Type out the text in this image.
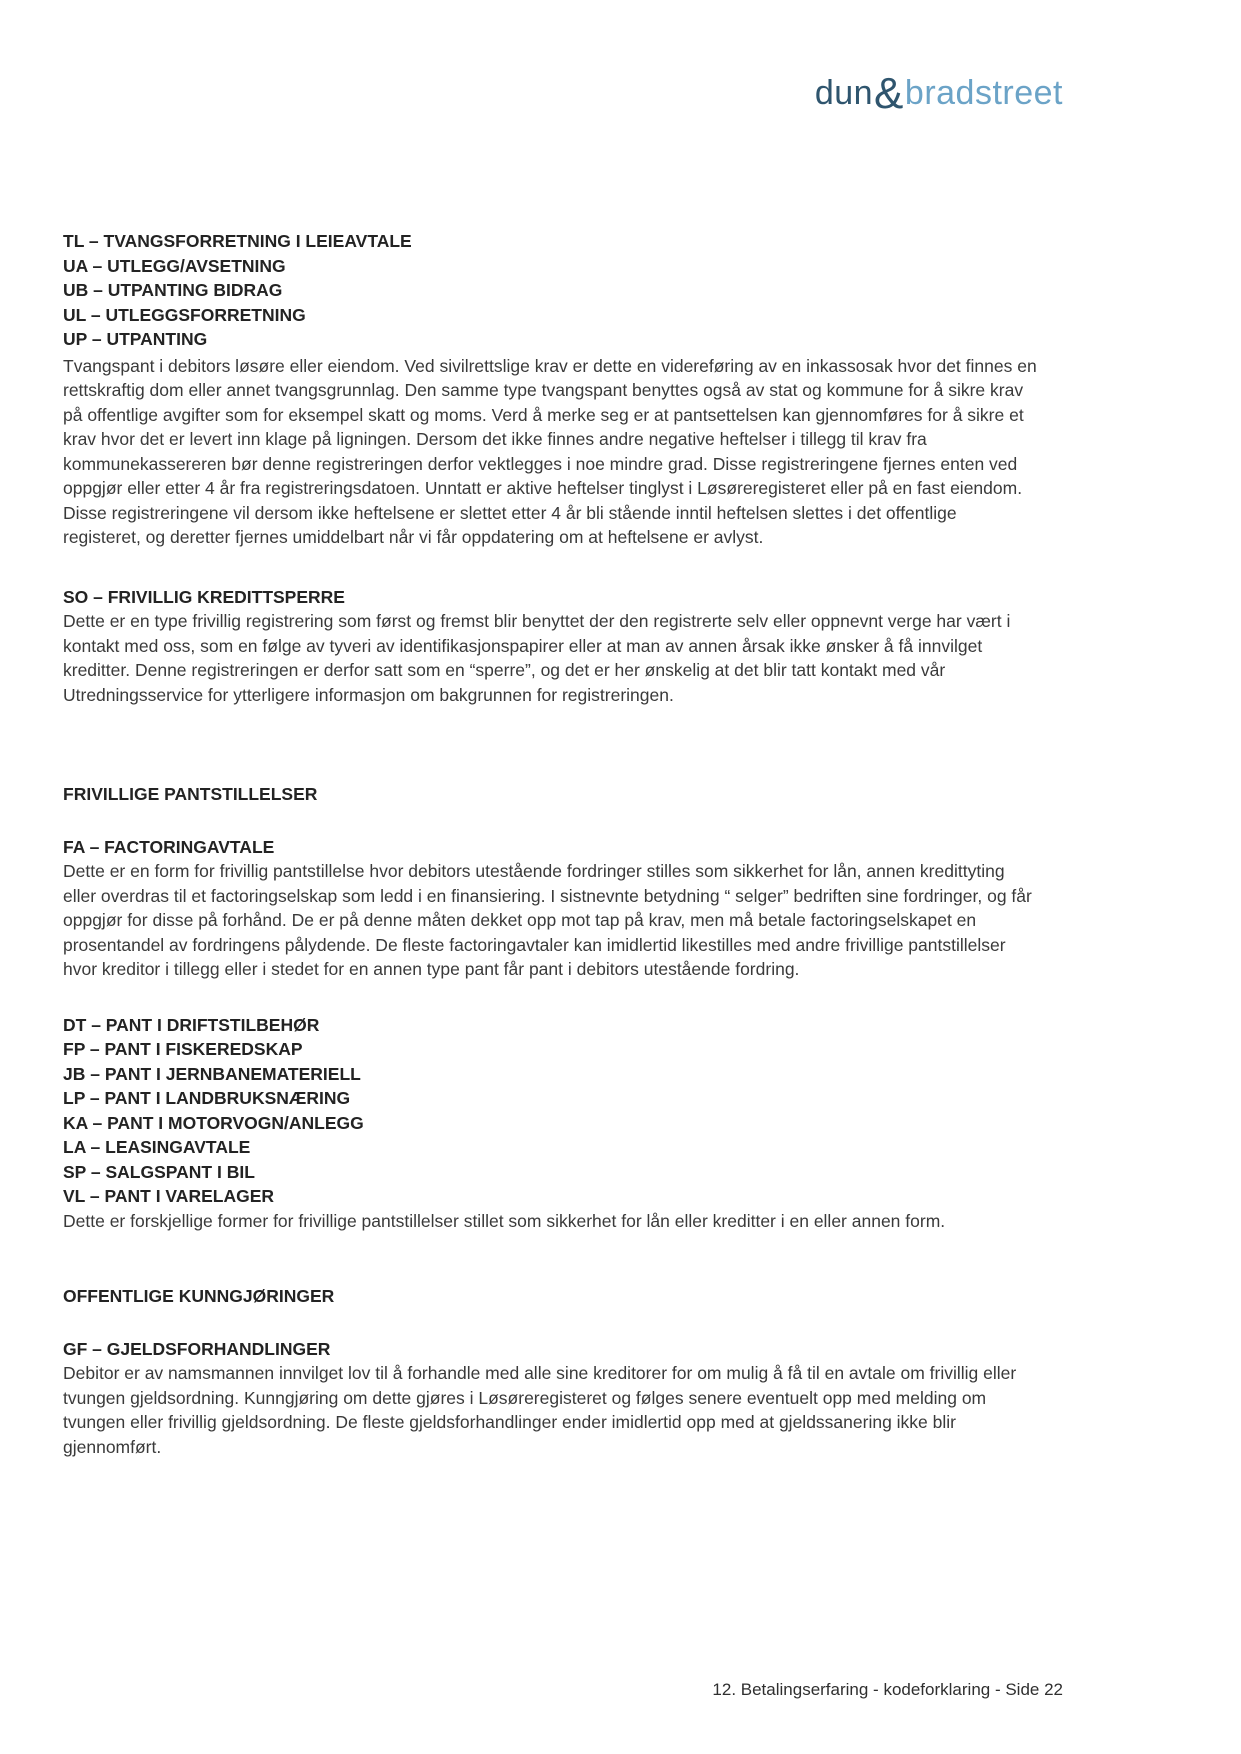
dun&bradstreet
TL – TVANGSFORRETNING I LEIEAVTALE
UA – UTLEGG/AVSETNING
UB – UTPANTING BIDRAG
UL – UTLEGGSFORRETNING
UP – UTPANTING

Tvangspant i debitors løsøre eller eiendom. Ved sivilrettslige krav er dette en videreføring av en inkassosak hvor det finnes en rettskraftig dom eller annet tvangsgrunnlag. Den samme type tvangspant benyttes også av stat og kommune for å sikre krav på offentlige avgifter som for eksempel skatt og moms. Verd å merke seg er at pantsettelsen kan gjennomføres for å sikre et krav hvor det er levert inn klage på ligningen. Dersom det ikke finnes andre negative heftelser i tillegg til krav fra kommunekassereren bør denne registreringen derfor vektlegges i noe mindre grad. Disse registreringene fjernes enten ved oppgjør eller etter 4 år fra registreringsdatoen. Unntatt er aktive heftelser tinglyst i Løsøreregisteret eller på en fast eiendom. Disse registreringene vil dersom ikke heftelsene er slettet etter 4 år bli stående inntil heftelsen slettes i det offentlige registeret, og deretter fjernes umiddelbart når vi får oppdatering om at heftelsene er avlyst.

SO – FRIVILLIG KREDITTSPERRE

Dette er en type frivillig registrering som først og fremst blir benyttet der den registrerte selv eller oppnevnt verge har vært i kontakt med oss, som en følge av tyveri av identifikasjonspapirer eller at man av annen årsak ikke ønsker å få innvilget kreditter. Denne registreringen er derfor satt som en “sperre”, og det er her ønskelig at det blir tatt kontakt med vår Utredningsservice for ytterligere informasjon om bakgrunnen for registreringen.

FRIVILLIGE PANTSTILLELSER
FA – FACTORINGAVTALE

Dette er en form for frivillig pantstillelse hvor debitors utestående fordringer stilles som sikkerhet for lån, annen kredittyting eller overdras til et factoringselskap som ledd i en finansiering. I sistnevnte betydning “ selger” bedriften sine fordringer, og får oppgjør for disse på forhånd. De er på denne måten dekket opp mot tap på krav, men må betale factoringselskapet en prosentandel av fordringens pålydende. De fleste factoringavtaler kan imidlertid likestilles med andre frivillige pantstillelser hvor kreditor i tillegg eller i stedet for en annen type pant får pant i debitors utestående fordring.

DT – PANT I DRIFTSTILBEHØR
FP – PANT I FISKEREDSKAP
JB – PANT I JERNBANEMATERIELL
LP – PANT I LANDBRUKSNÆRING
KA – PANT I MOTORVOGN/ANLEGG
LA – LEASINGAVTALE
SP – SALGSPANT I BIL
VL – PANT I VARELAGER

Dette er forskjellige former for frivillige pantstillelser stillet som sikkerhet for lån eller kreditter i en eller annen form.

OFFENTLIGE KUNNGJØRINGER
GF – GJELDSFORHANDLINGER

Debitor er av namsmannen innvilget lov til å forhandle med alle sine kreditorer for om mulig å få til en avtale om frivillig eller tvungen gjeldsordning. Kunngjøring om dette gjøres i Løsøreregisteret og følges senere eventuelt opp med melding om tvungen eller frivillig gjeldsordning. De fleste gjeldsforhandlinger ender imidlertid opp med at gjeldssanering ikke blir gjennomført.

12. Betalingserfaring - kodeforklaring - Side 22
